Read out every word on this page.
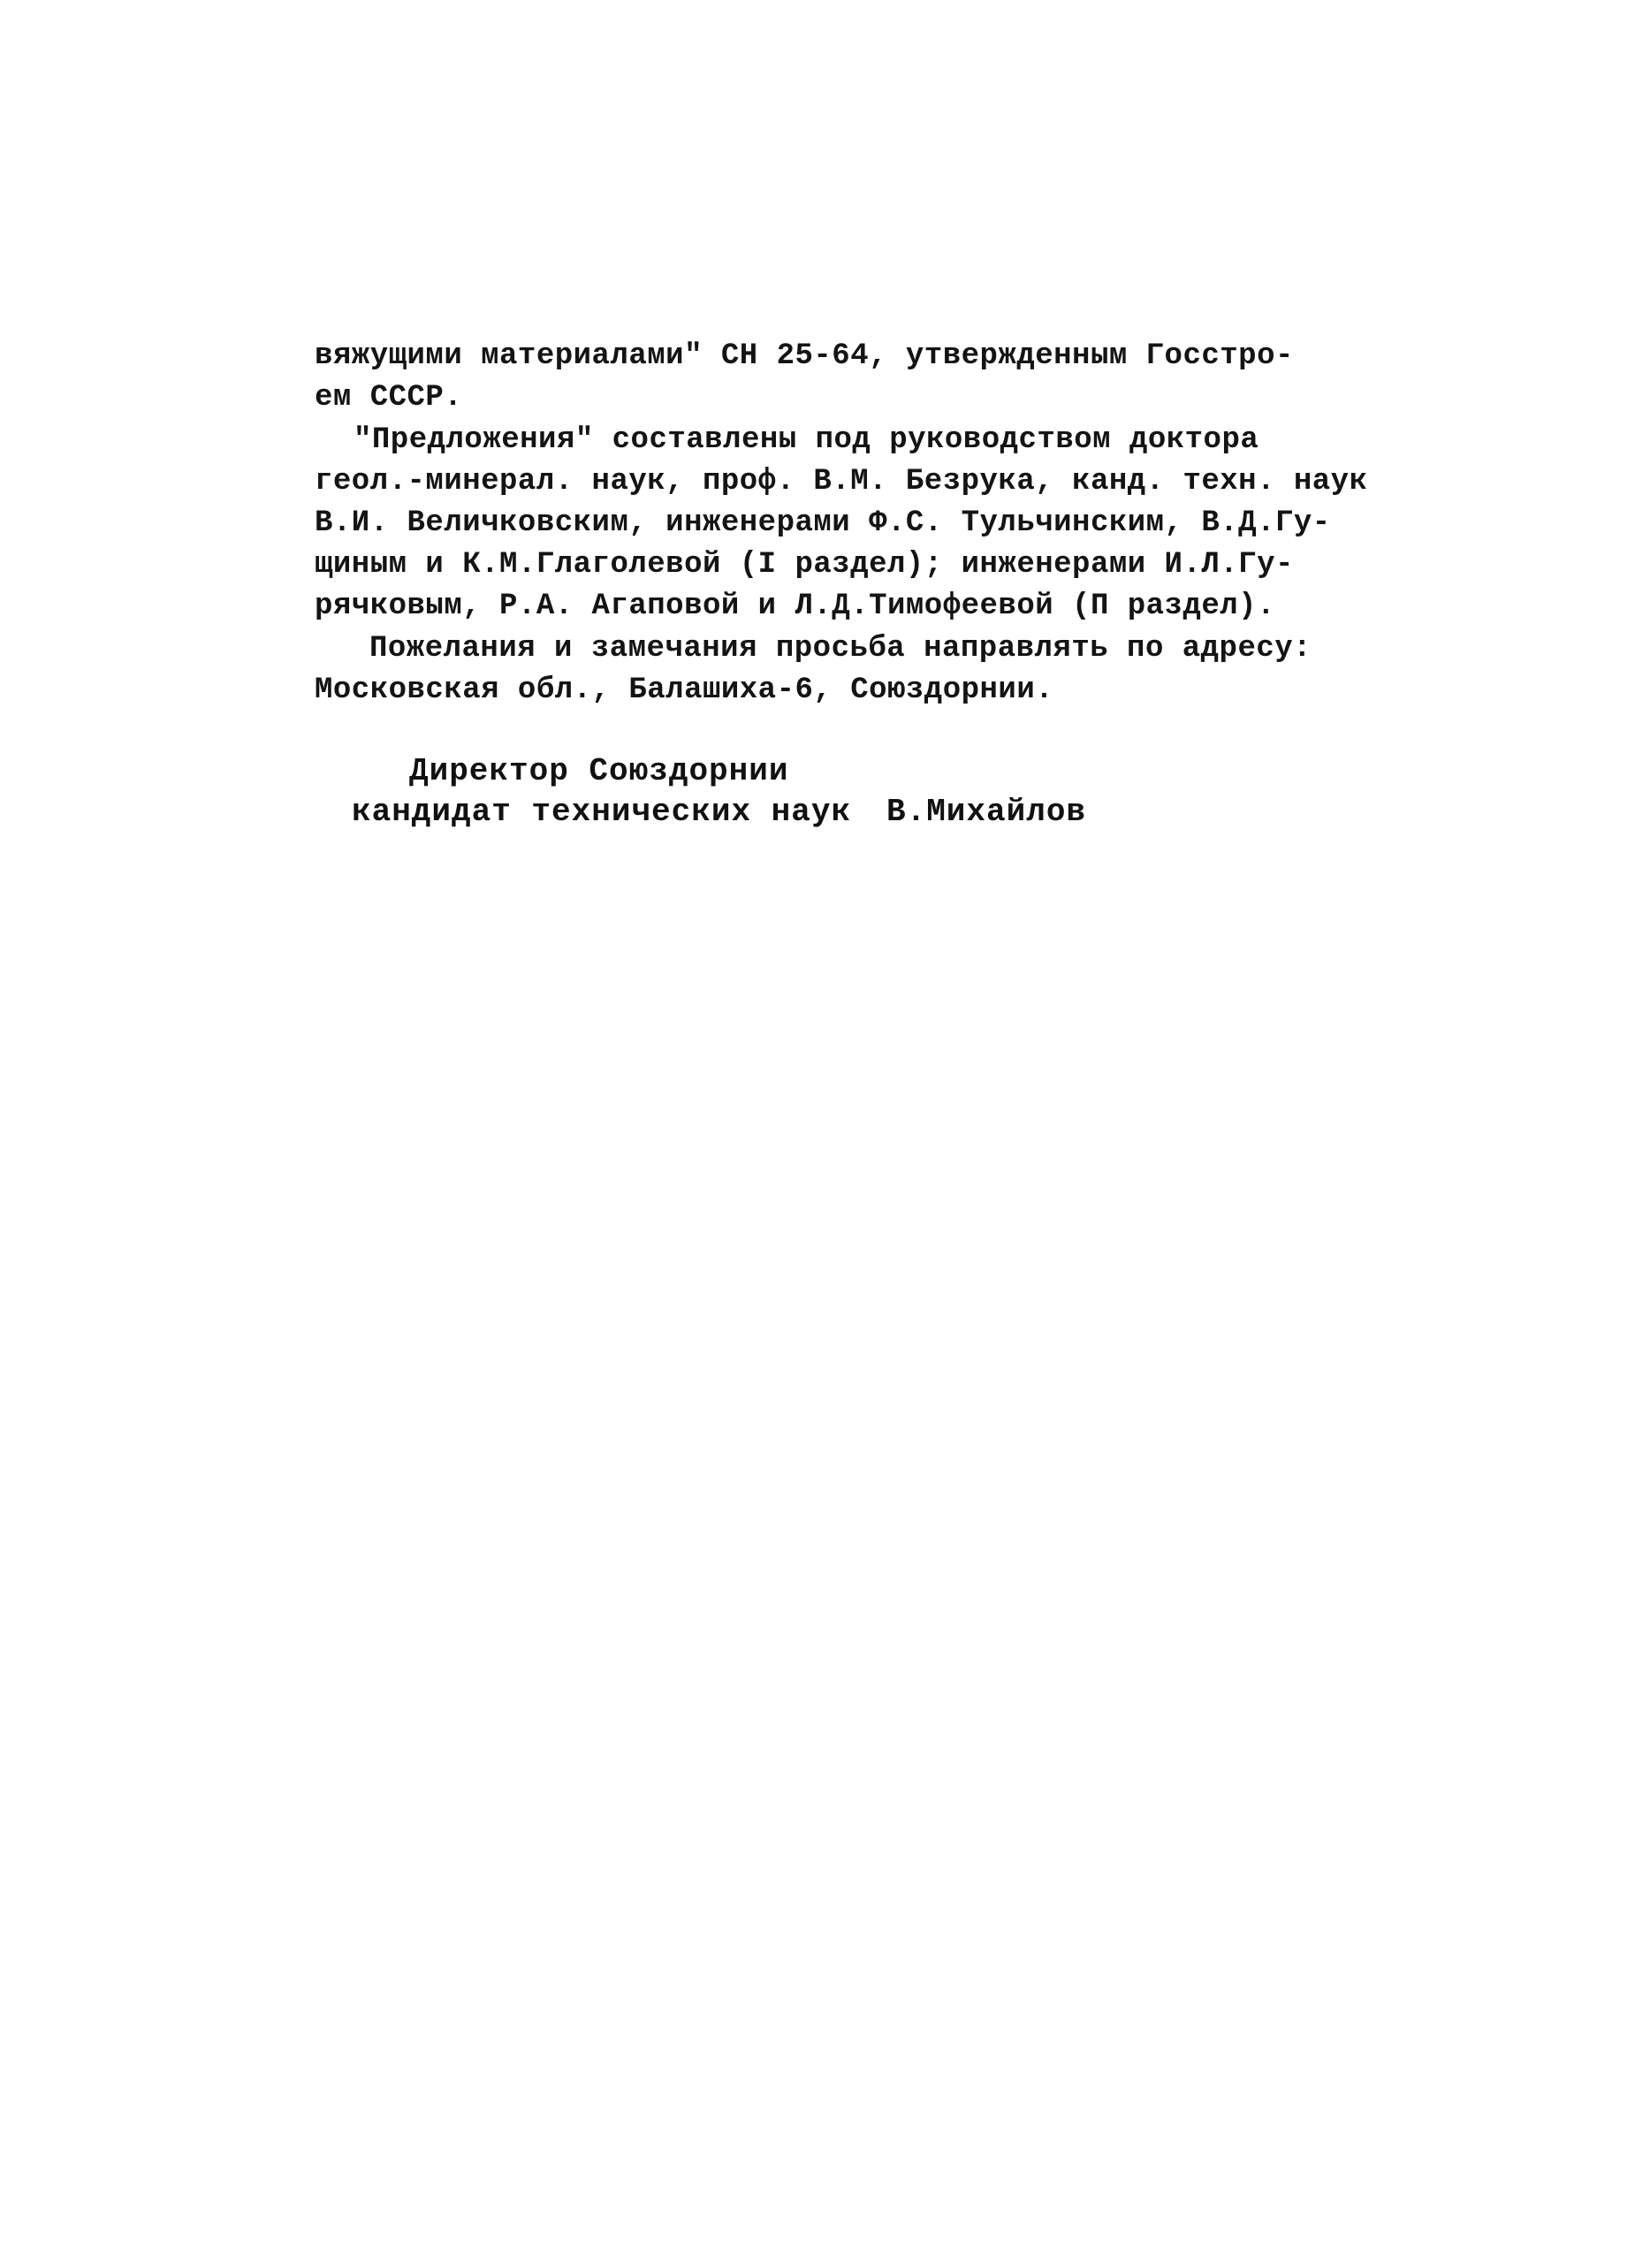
вяжущими материалами" СН 25-64, утвержденным Госстро-
ем СССР.
"Предложения" составлены под руководством доктора
геол.-минерал. наук, проф. В.М. Безрука, канд. техн. наук
В.И. Величковским, инженерами Ф.С. Тульчинским, В.Д.Гу-
щиным и К.М.Глаголевой (I раздел); инженерами И.Л.Гу-
рячковым, Р.А. Агаповой и Л.Д.Тимофеевой (П раздел).
Пожелания и замечания просьба направлять по адресу:
Московская обл., Балашиха-6, Союздорнии.
Директор Союздорнии
кандидат технических наук В.Михайлов
